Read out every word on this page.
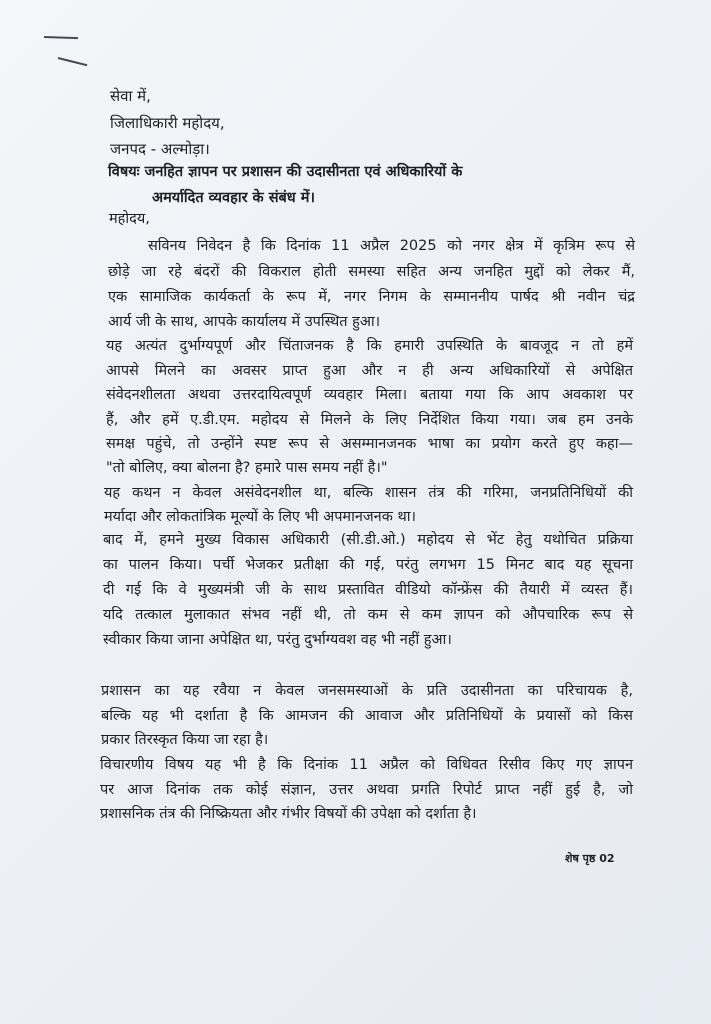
सेवा में,
जिलाधिकारी महोदय,
जनपद - अल्मोड़ा।
विषयः जनहित ज्ञापन पर प्रशासन की उदासीनता एवं अधिकारियों के
अमर्यादित व्यवहार के संबंध में।
महोदय,
सविनय निवेदन है कि दिनांक 11 अप्रैल 2025 को नगर क्षेत्र में कृत्रिम रूप से
छोड़े जा रहे बंदरों की विकराल होती समस्या सहित अन्य जनहित मुद्दों को लेकर मैं,
एक सामाजिक कार्यकर्ता के रूप में, नगर निगम के सम्माननीय पार्षद श्री नवीन चंद्र
आर्य जी के साथ, आपके कार्यालय में उपस्थित हुआ।
यह अत्यंत दुर्भाग्यपूर्ण और चिंताजनक है कि हमारी उपस्थिति के बावजूद न तो हमें
आपसे मिलने का अवसर प्राप्त हुआ और न ही अन्य अधिकारियों से अपेक्षित
संवेदनशीलता अथवा उत्तरदायित्वपूर्ण व्यवहार मिला। बताया गया कि आप अवकाश पर
हैं, और हमें ए.डी.एम. महोदय से मिलने के लिए निर्देशित किया गया। जब हम उनके
समक्ष पहुंचे, तो उन्होंने स्पष्ट रूप से असम्मानजनक भाषा का प्रयोग करते हुए कहा—
"तो बोलिए, क्या बोलना है? हमारे पास समय नहीं है।"
यह कथन न केवल असंवेदनशील था, बल्कि शासन तंत्र की गरिमा, जनप्रतिनिधियों की
मर्यादा और लोकतांत्रिक मूल्यों के लिए भी अपमानजनक था।
बाद में, हमने मुख्य विकास अधिकारी (सी.डी.ओ.) महोदय से भेंट हेतु यथोचित प्रक्रिया
का पालन किया। पर्ची भेजकर प्रतीक्षा की गई, परंतु लगभग 15 मिनट बाद यह सूचना
दी गई कि वे मुख्यमंत्री जी के साथ प्रस्तावित वीडियो कॉन्फ्रेंस की तैयारी में व्यस्त हैं।
यदि तत्काल मुलाकात संभव नहीं थी, तो कम से कम ज्ञापन को औपचारिक रूप से
स्वीकार किया जाना अपेक्षित था, परंतु दुर्भाग्यवश वह भी नहीं हुआ।
प्रशासन का यह रवैया न केवल जनसमस्याओं के प्रति उदासीनता का परिचायक है,
बल्कि यह भी दर्शाता है कि आमजन की आवाज और प्रतिनिधियों के प्रयासों को किस
प्रकार तिरस्कृत किया जा रहा है।
विचारणीय विषय यह भी है कि दिनांक 11 अप्रैल को विधिवत रिसीव किए गए ज्ञापन
पर आज दिनांक तक कोई संज्ञान, उत्तर अथवा प्रगति रिपोर्ट प्राप्त नहीं हुई है, जो
प्रशासनिक तंत्र की निष्क्रियता और गंभीर विषयों की उपेक्षा को दर्शाता है।
शेष पृष्ठ 02
